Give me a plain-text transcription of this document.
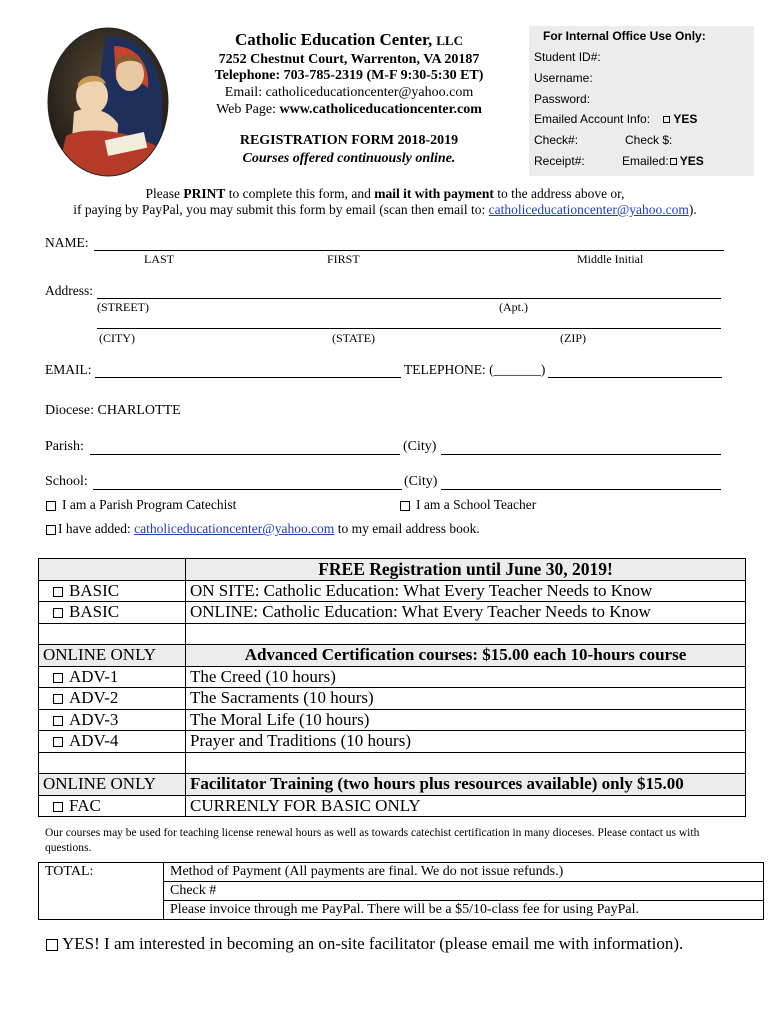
Catholic Education Center, LLC
7252 Chestnut Court, Warrenton, VA 20187
Telephone: 703-785-2319 (M-F 9:30-5:30 ET)
Email: catholiceducationcenter@yahoo.com
Web Page: www.catholiceducationcenter.com
REGISTRATION FORM 2018-2019
Courses offered continuously online.
For Internal Office Use Only:
Student ID#:
Username:
Password:
Emailed Account Info: YES
Check#:	Check $:
Receipt#:	Emailed: YES
Please PRINT to complete this form, and mail it with payment to the address above or,
if paying by PayPal, you may submit this form by email (scan then email to: catholiceducationcenter@yahoo.com).
NAME:
LAST	FIRST	Middle Initial
Address:
(STREET)	(Apt.)
(CITY)	(STATE)	(ZIP)
EMAIL:	TELEPHONE: (_______)
Diocese: CHARLOTTE
Parish:	(City)
School:	(City)
I am a Parish Program Catechist	I am a School Teacher
I have added: catholiceducationcenter@yahoo.com to my email address book.
	FREE Registration until June 30, 2019!
BASIC	ON SITE: Catholic Education: What Every Teacher Needs to Know
BASIC	ONLINE: Catholic Education: What Every Teacher Needs to Know

ONLINE ONLY	Advanced Certification courses: $15.00 each 10-hours course
ADV-1	The Creed (10 hours)
ADV-2	The Sacraments (10 hours)
ADV-3	The Moral Life (10 hours)
ADV-4	Prayer and Traditions (10 hours)

ONLINE ONLY	Facilitator Training (two hours plus resources available) only $15.00
FAC	CURRENLY FOR BASIC ONLY
Our courses may be used for teaching license renewal hours as well as towards catechist certification in many dioceses. Please contact us with questions.
TOTAL:	Method of Payment (All payments are final. We do not issue refunds.)
Check #
Please invoice through me PayPal. There will be a $5/10-class fee for using PayPal.
YES! I am interested in becoming an on-site facilitator (please email me with information).
